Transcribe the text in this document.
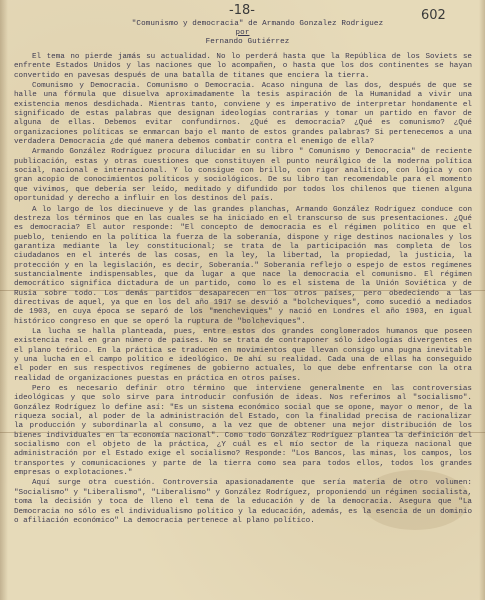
-18-	602
"Comunismo y democracia" de Armando Gonzalez Rodriguez
por
Fernando Gutiérrez

El tema no pierde jamás su actualidad. No lo perderá hasta que la República de los Soviets se enfrente Estados Unidos y las naciones que lo acompañen, o hasta que los dos continentes se hayan convertido en pavesas después de una batalla de titanes que enciera la tierra.

Comunismo y Democracia. Comunismo o Democracia. Acaso ninguna de las dos, después de que se halle una fórmula que disuelva aproximadamente la tesis aspiración de la Humanidad a vivir una existencia menos desdichada. Mientras tanto, conviene y es imperativo de interpretar hondamente el significado de estas palabras que designan ideologías contrarias y tomar un partido en favor de alguna de ellas. Debemos evitar confundirnos. ¿Qué es democracia? ¿Qué es comunismo? ¿Qué organizaciones políticas se enmarcan bajo el manto de estos grandes palabras? Si pertenecemos a una verdadera Democracia ¿de qué manera debemos combatir contra el enemigo de ella?

Armando González Rodríguez procura dilucidar en su libro " Comunismo y Democracia" de reciente publicación, estas y otras cuestiones que constituyen el punto neurálgico de la moderna política social, nacional e internacional. Y lo consigue con brillo, con rigor analítico, con lógica y con gran acopio de conocimientos políticos y sociológicos. De su libro tan recomendable para el momento que vivimos, que debería ser leído, meditado y difundido por todos los chilenos que tienen alguna oportunidad y derecho a influir en los destinos del país.

A lo largo de los diecinueve y de las grandes planchas, Armando González Rodríguez conduce con destreza los términos que en las cuales se ha iniciado en el transcurso de sus presentaciones. ¿Qué es democracia? El autor responde: "El concepto de democracia es el régimen político en que el pueblo, teniendo en la política la fuerza de la soberanía, dispone y rige destinos nacionales y los garantiza mediante la ley constitucional; se trata de la participación mas completa de los ciudadanos en el interés de las cosas, en la ley, la libertad, la propiedad, la justicia, la protección y en la legislación, es decir, Soberanía." Soberanía reflejo o espejo de estos regímenes sustancialmente indispensables, que da lugar a que nace la democracia el comunismo. El régimen democrático significa dictadura de un partido, como lo es el sistema de la Unión Soviética y de Rusia sobre todo. Los demás partidos desaparecen en los otros países, pero obedeciendo a las directivas de aquel, ya que en los del año 1917 se desvió a "bolcheviques", como sucedió a mediados de 1903, en cuya época se separó de los "mencheviques" y nació en Londres el año 1903, en igual histórico congreso en que se operó la ruptura de "bolcheviques".

La lucha se halla planteada, pues, entre estos dos grandes conglomerados humanos que poseen existencia real en gran número de países. No se trata de contraponer sólo ideologías divergentes en el plano teórico. En la práctica se traducen en movimientos que llevan consigo una pugna inevitable y una lucha en el campo político e ideológico. De ahí su realidad. Cada una de ellas ha conseguido el poder en sus respectivos regímenes de gobierno actuales, lo que debe enfrentarse con la otra realidad de organizaciones puestas en práctica en otros países.

Pero es necesario definir otro término que interviene generalmente en las controversias ideológicas y que solo sirve para introducir confusión de ideas. Nos referimos al "socialismo". González Rodríguez lo define así: "Es un sistema económico social que se opone, mayor o menor, de la riqueza social, al poder de la administración del Estado, con la finalidad precisa de racionalizar la producción y subordinarla al consumo, a la vez que de obtener una mejor distribución de los bienes individuales en la economía nacional". Como todo González Rodríguez plantea la definición del socialismo con el objeto de la práctica, ¿Y cuál es el mío sector de la riqueza nacional que administración por el Estado exige el socialismo? Responde: "Los Bancos, las minas, los campos, los transportes y comunicaciones y parte de la tierra como sea para todos ellos, todos los grandes empresas o explotaciones."

Aquí surge otra cuestión. Controversia apasionadamente que sería materia de otro volumen: "Socialismo" y "Liberalismo", "Liberalismo" y González Rodríguez, proponiendo un régimen socialista, toma la decisión y toca de lleno el tema de la educación y de la democracia. Asegura que "La Democracia no sólo es el individualismo político y la educación, además, es la esencia de un dominio o afiliación económico" La democracia pertenece al plano político.
